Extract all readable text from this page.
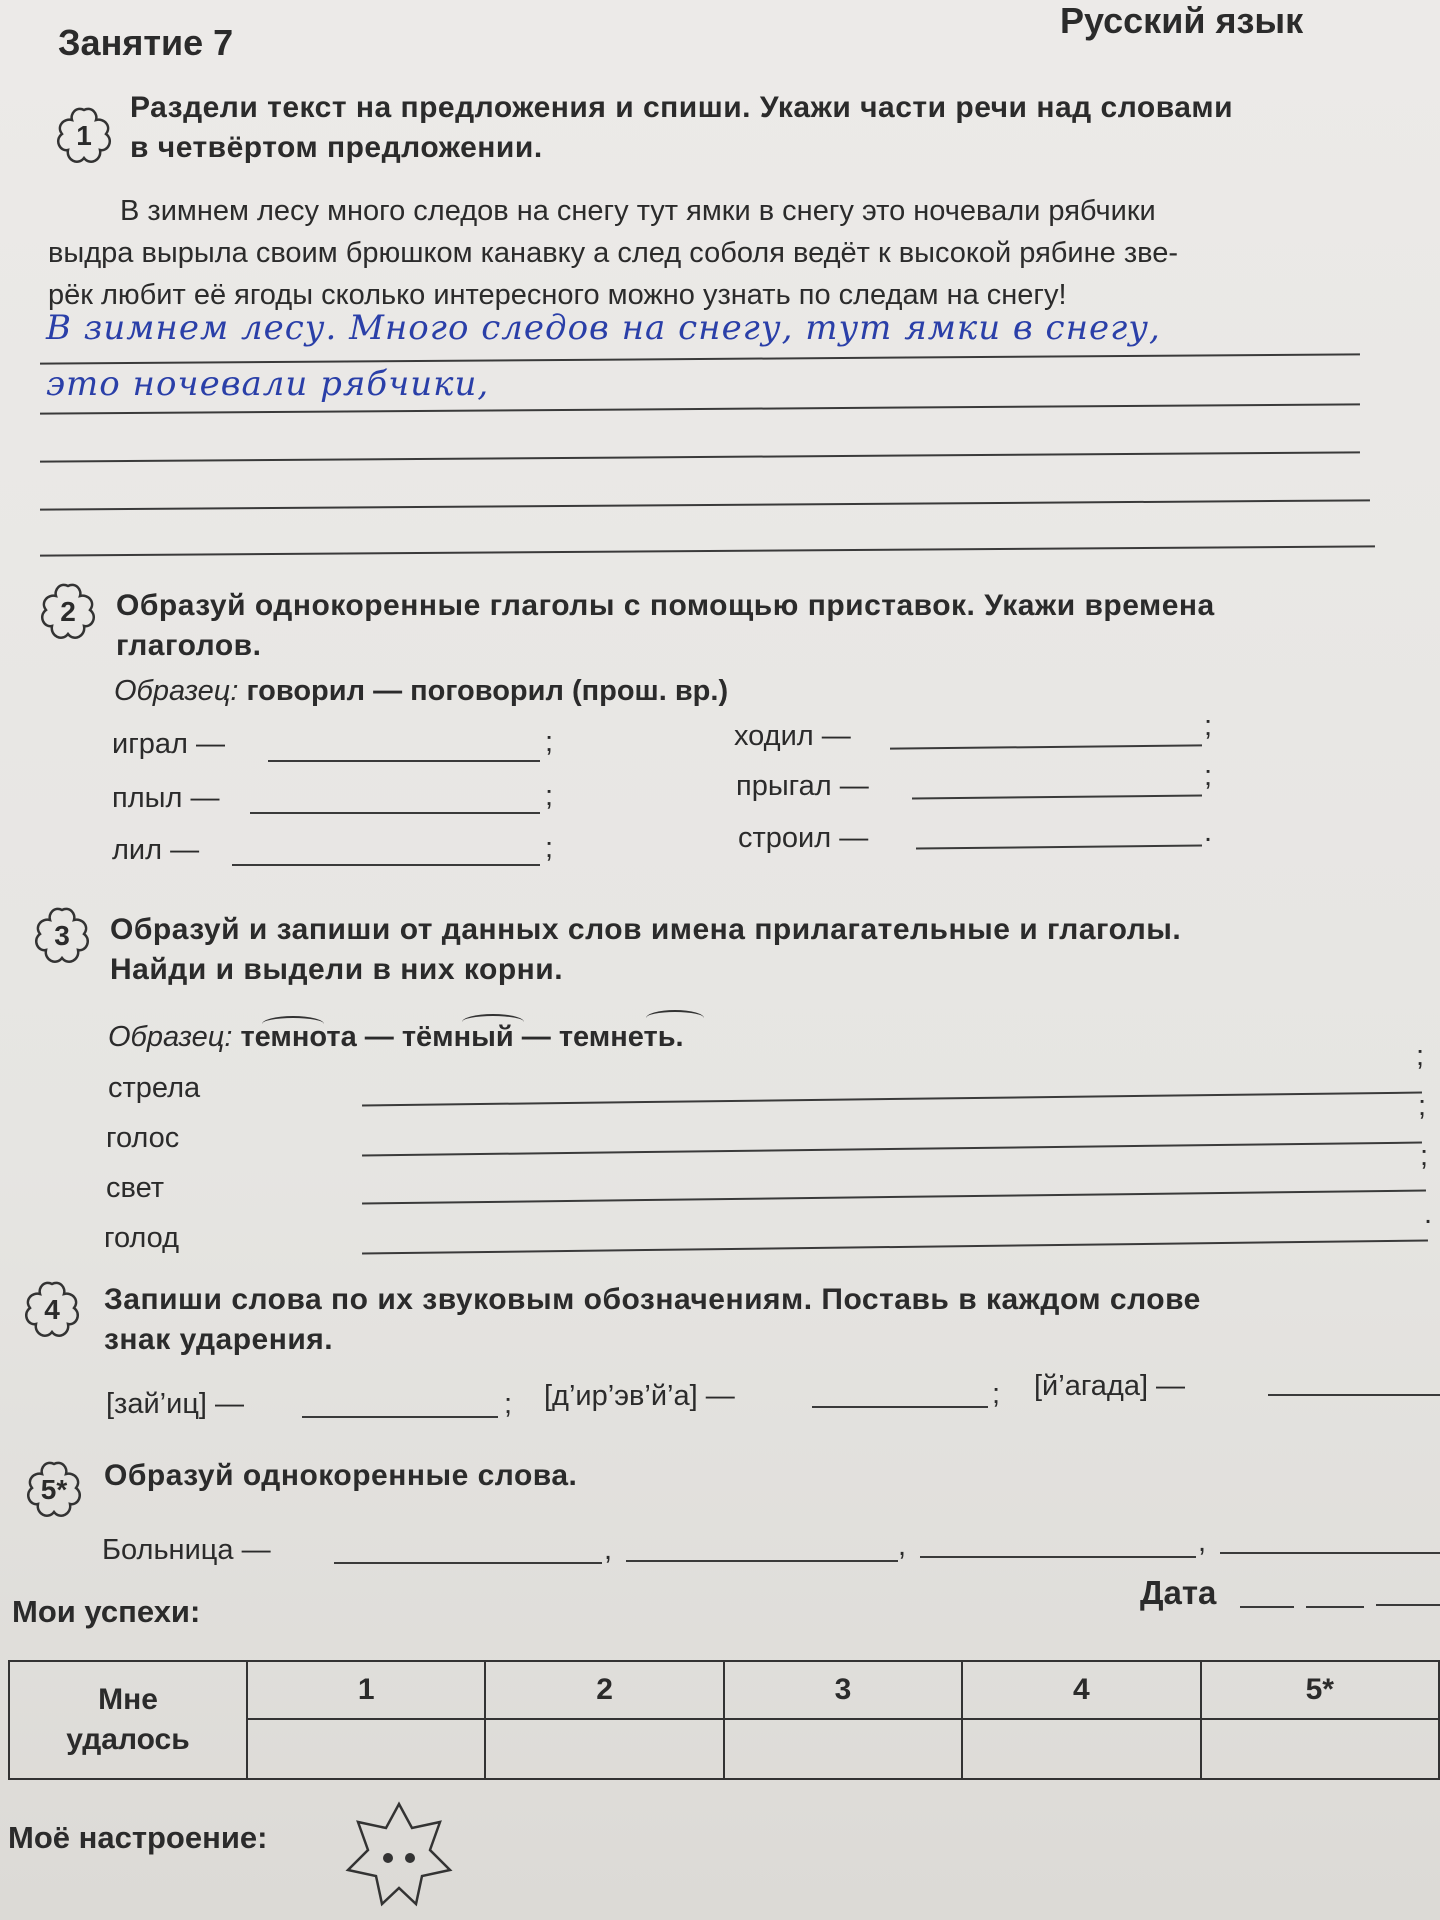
Занятие 7
Русский язык
1
Раздели текст на предложения и спиши. Укажи части речи над словами
в четвёртом предложении.
В зимнем лесу много следов на снегу тут ямки в снегу это ночевали рябчики
выдра вырыла своим брюшком канавку а след соболя ведёт к высокой рябине зве-
рёк любит её ягоды сколько интересного можно узнать по следам на снегу!
В зимнем лесу. Много следов на снегу, тут ямки в снегу,
это ночевали рябчики,
2	Образуй однокоренные глаголы с помощью приставок. Укажи времена
глаголов.
Образец: говорил — поговорил (прош. вр.)
играл —	;
плыл —	;
лил —	;
ходил —	;
прыгал —	;
строил —	.
3	Образуй и запиши от данных слов имена прилагательные и глаголы.
Найди и выдели в них корни.
Образец: темнота — тёмный — темнеть.
стрела
;
голос
;
свет
;
голод
.
4	Запиши слова по их звуковым обозначениям. Поставь в каждом слове
знак ударения.
[зай’иц] —	; [д’ир’эв’й’а] —	; [й’агада] —
5*	Образуй однокоренные слова.
Больница —	,	,	,
Мои успехи:
Дата
Мне
удалось	1	2	3	4	5*

Моё настроение:
